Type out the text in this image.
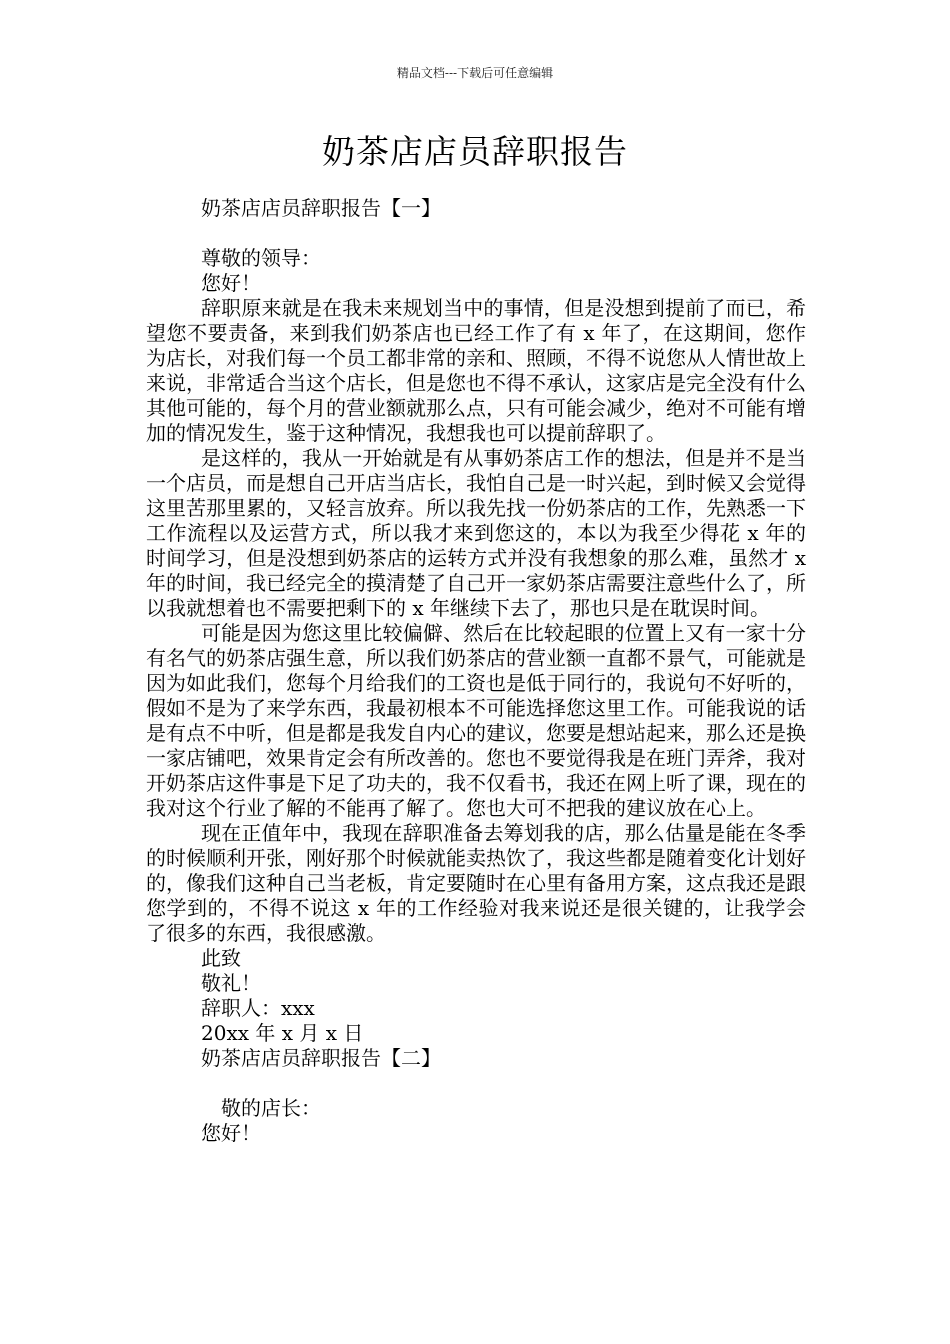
精品文档---下载后可任意编辑
奶茶店店员辞职报告

奶茶店店员辞职报告【一】

尊敬的领导：

您好！

辞职原来就是在我未来规划当中的事情，但是没想到提前了而已，希望您不要责备，来到我们奶茶店也已经工作了有 x 年了，在这期间，您作为店长，对我们每一个员工都非常的亲和、照顾，不得不说您从人情世故上来说，非常适合当这个店长，但是您也不得不承认，这家店是完全没有什么其他可能的，每个月的营业额就那么点，只有可能会减少，绝对不可能有增加的情况发生，鉴于这种情况，我想我也可以提前辞职了。

是这样的，我从一开始就是有从事奶茶店工作的想法，但是并不是当一个店员，而是想自己开店当店长，我怕自己是一时兴起，到时候又会觉得这里苦那里累的，又轻言放弃。所以我先找一份奶茶店的工作，先熟悉一下工作流程以及运营方式，所以我才来到您这的，本以为我至少得花 x 年的时间学习，但是没想到奶茶店的运转方式并没有我想象的那么难，虽然才 x 年的时间，我已经完全的摸清楚了自己开一家奶茶店需要注意些什么了，所以我就想着也不需要把剩下的 x 年继续下去了，那也只是在耽误时间。

可能是因为您这里比较偏僻、然后在比较起眼的位置上又有一家十分有名气的奶茶店强生意，所以我们奶茶店的营业额一直都不景气，可能就是因为如此我们，您每个月给我们的工资也是低于同行的，我说句不好听的，假如不是为了来学东西，我最初根本不可能选择您这里工作。可能我说的话是有点不中听，但是都是我发自内心的建议，您要是想站起来，那么还是换一家店铺吧，效果肯定会有所改善的。您也不要觉得我是在班门弄斧，我对开奶茶店这件事是下足了功夫的，我不仅看书，我还在网上听了课，现在的我对这个行业了解的不能再了解了。您也大可不把我的建议放在心上。

现在正值年中，我现在辞职准备去筹划我的店，那么估量是能在冬季的时候顺利开张，刚好那个时候就能卖热饮了，我这些都是随着变化计划好的，像我们这种自己当老板，肯定要随时在心里有备用方案，这点我还是跟您学到的，不得不说这 x 年的工作经验对我来说还是很关键的，让我学会了很多的东西，我很感激。

此致

敬礼！

辞职人：xxx

20xx 年 x 月 x 日

奶茶店店员辞职报告【二】

敬的店长：

您好！
